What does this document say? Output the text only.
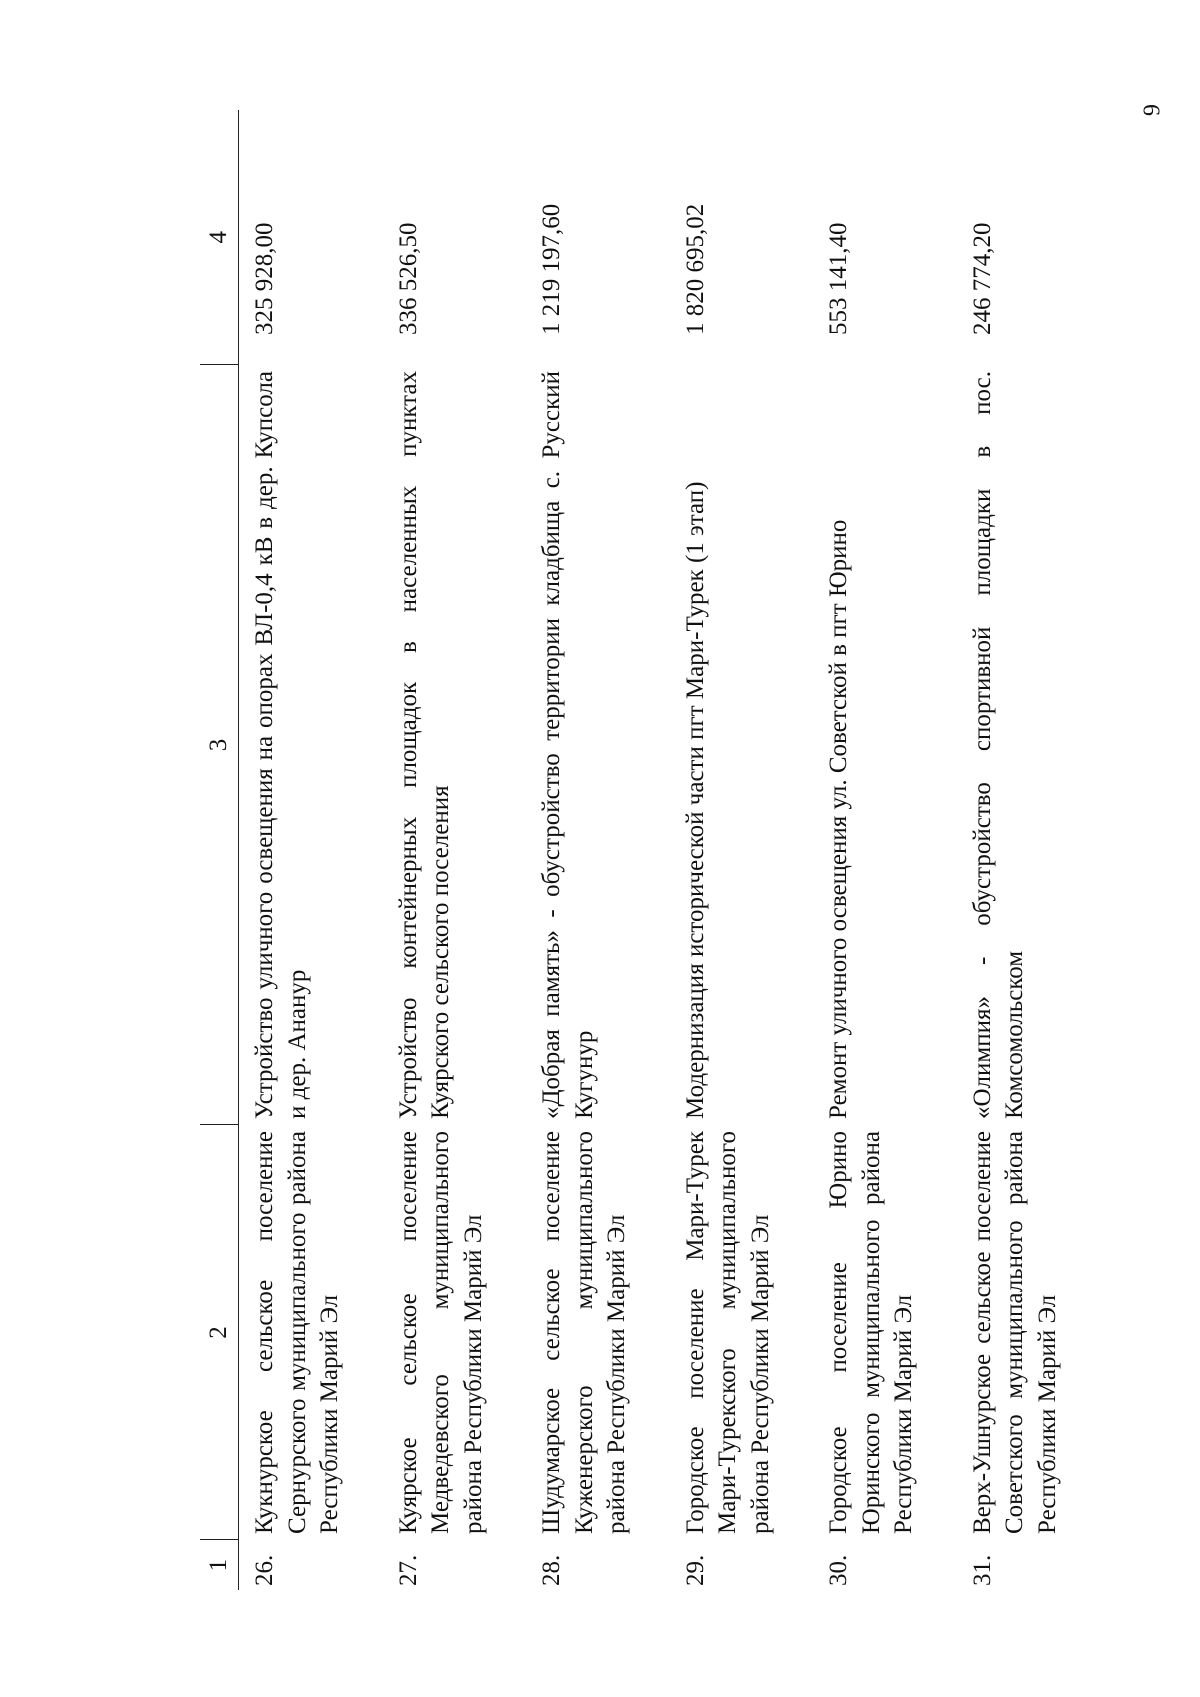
6
1	2	3	4
26.	Кукнурское сельское поселение Сернурского муниципального района Республики Марий Эл	Устройство уличного освещения на опорах ВЛ-0,4 кВ в дер. Купсола и дер. Ананур	325 928,00
27.	Куярское сельское поселение Медведевского муниципального района Республики Марий Эл	Устройство контейнерных площадок в населенных пунктах Куярского сельского поселения	336 526,50
28.	Шудумарское сельское поселение Куженерского муниципального района Республики Марий Эл	«Добрая память» - обустройство территории кладбища с. Русский Кугунур	1 219 197,60
29.	Городское поселение Мари-Турек Мари-Турекского муниципального района Республики Марий Эл	Модернизация исторической части пгт Мари-Турек (1 этап)	1 820 695,02
30.	Городское поселение Юрино Юринского муниципального района Республики Марий Эл	Ремонт уличного освещения ул. Советской в пгт Юрино	553 141,40
31.	Верх-Ушнурское сельское поселение Советского муниципального района Республики Марий Эл	«Олимпия» - обустройство спортивной площадки в пос. Комсомольском	246 774,20
